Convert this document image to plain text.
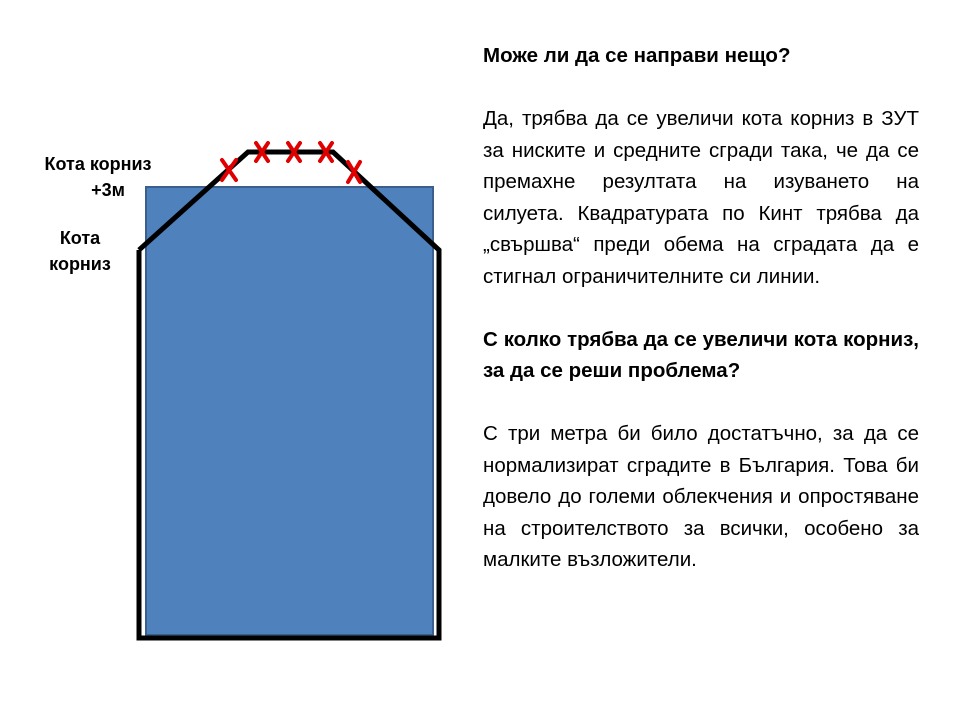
Кота корниз
+3м
Кота
корниз

Може ли да се направи нещо?

Да, трябва да се увеличи кота корниз в ЗУТ за ниските и средните сгради така, че да се премахне резултата на изуването на силуета. Квадратурата по Кинт трябва да „свършва“ преди обема на сградата да е стигнал ограничителните си линии.

С колко трябва да се увеличи кота корниз, за да се реши проблема?

С три метра би било достатъчно, за да се нормализират сградите в България. Това би довело до големи облекчения и опростяване на строителството за всички, особено за малките възложители.
